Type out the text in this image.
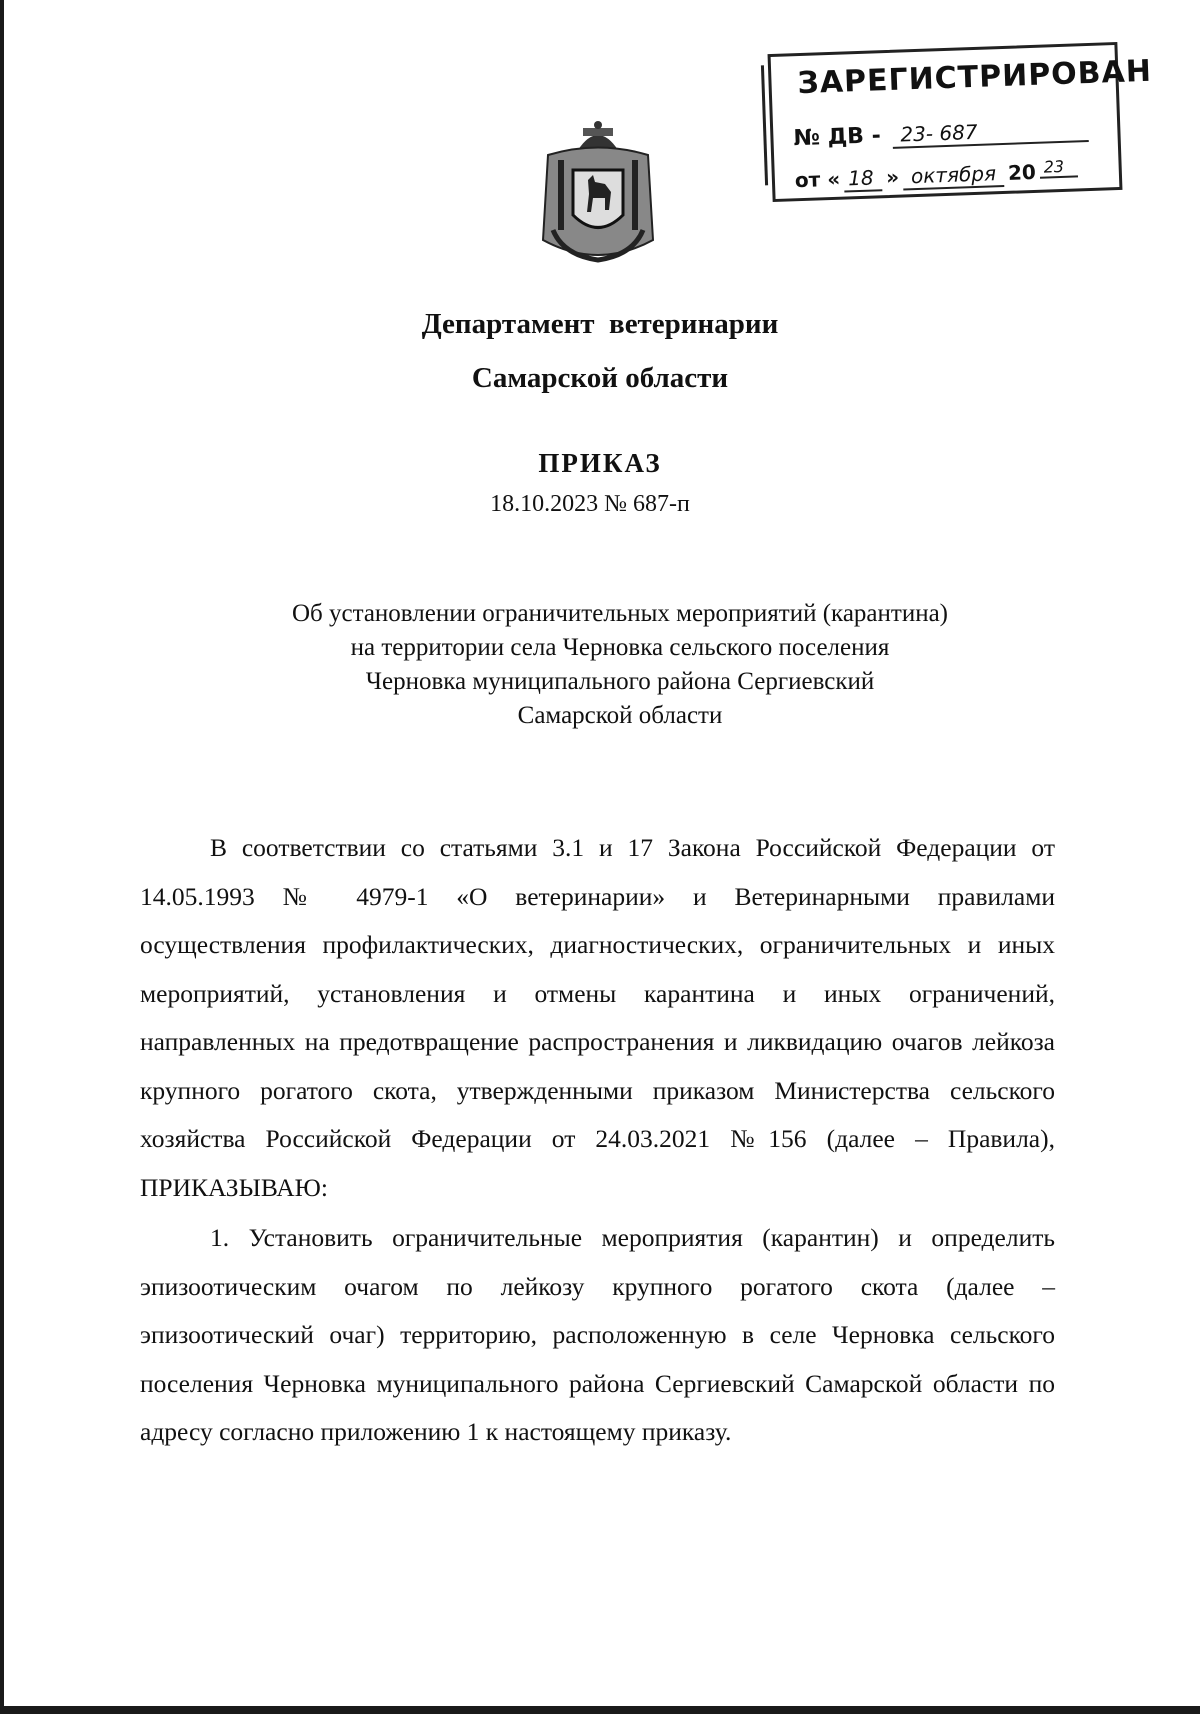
ЗАРЕГИСТРИРОВАН
№ ДВ - 23- 687
от « 18 » октября 20 23
Департамент  ветеринарии
Самарской области
ПРИКАЗ
18.10.2023 № 687-п
Об установлении ограничительных мероприятий (карантина)
на территории села Черновка сельского поселения
Черновка муниципального района Сергиевский
Самарской области
В соответствии со статьями 3.1 и 17 Закона Российской Федерации от 14.05.1993 № 4979-1 «О ветеринарии» и Ветеринарными правилами осуществления профилактических, диагностических, ограничительных и иных мероприятий, установления и отмены карантина и иных ограничений, направленных на предотвращение распространения и ликвидацию очагов лейкоза крупного рогатого скота, утвержденными приказом Министерства сельского хозяйства Российской Федерации от 24.03.2021 №156 (далее – Правила), ПРИКАЗЫВАЮ:
1. Установить ограничительные мероприятия (карантин) и определить эпизоотическим очагом по лейкозу крупного рогатого скота (далее – эпизоотический очаг) территорию, расположенную в селе Черновка сельского поселения Черновка муниципального района Сергиевский Самарской области по адресу согласно приложению 1 к настоящему приказу.
